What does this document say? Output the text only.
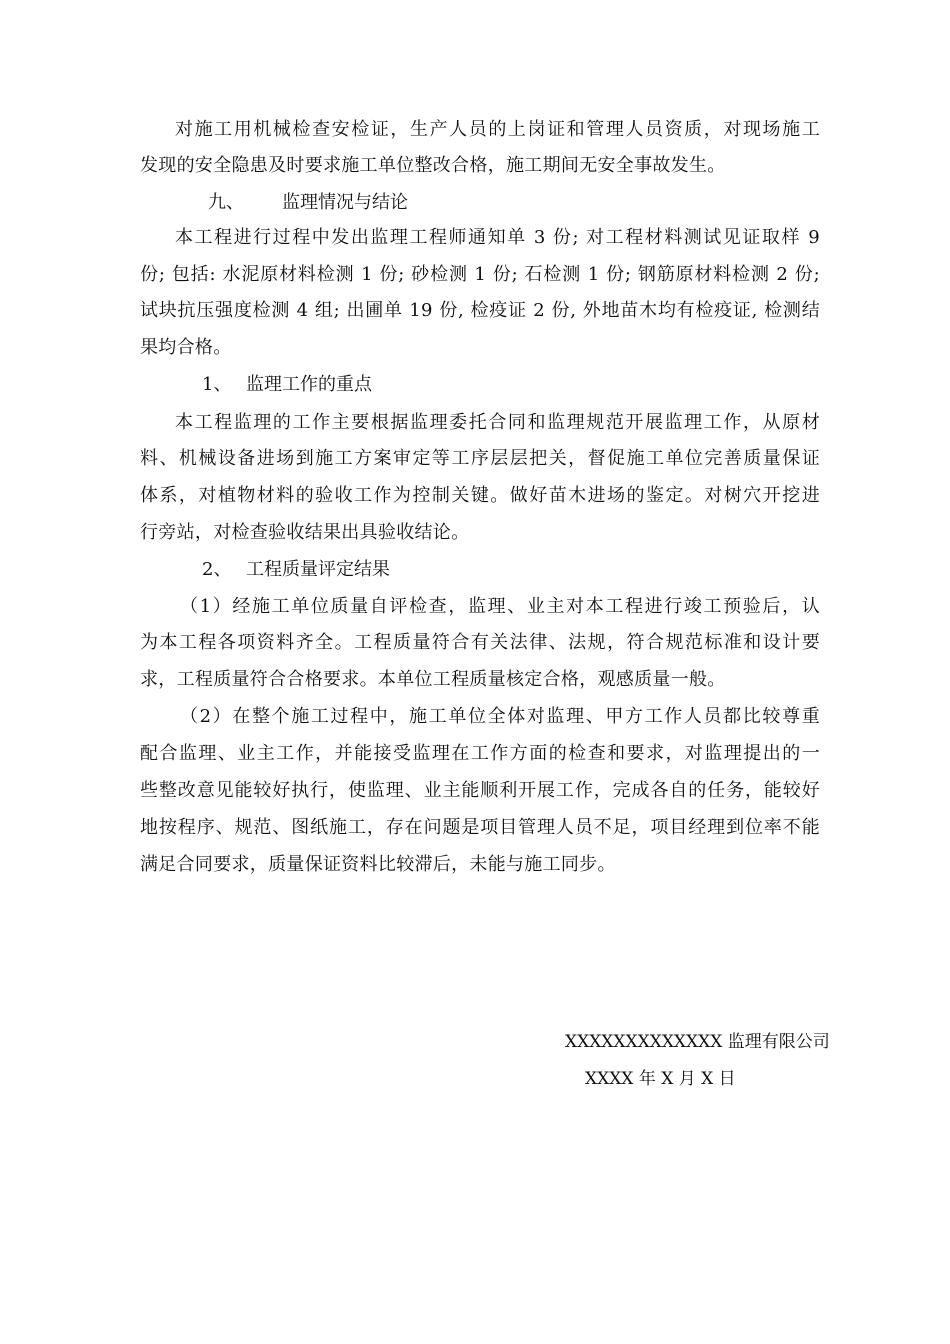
对施工用机械检查安检证，生产人员的上岗证和管理人员资质，对现场施工
发现的安全隐患及时要求施工单位整改合格，施工期间无安全事故发生。
九、 监理情况与结论
本工程进行过程中发出监理工程师通知单 3 份; 对工程材料测试见证取样 9
份; 包括: 水泥原材料检测 1 份; 砂检测 1 份; 石检测 1 份; 钢筋原材料检测 2 份;
试块抗压强度检测 4 组; 出圃单 19 份, 检疫证 2 份, 外地苗木均有检疫证, 检测结
果均合格。
1、 监理工作的重点
本工程监理的工作主要根据监理委托合同和监理规范开展监理工作，从原材
料、机械设备进场到施工方案审定等工序层层把关，督促施工单位完善质量保证
体系，对植物材料的验收工作为控制关键。做好苗木进场的鉴定。对树穴开挖进
行旁站，对检查验收结果出具验收结论。
2、 工程质量评定结果
（1）经施工单位质量自评检查，监理、业主对本工程进行竣工预验后，认
为本工程各项资料齐全。工程质量符合有关法律、法规，符合规范标准和设计要
求，工程质量符合合格要求。本单位工程质量核定合格，观感质量一般。
（2）在整个施工过程中，施工单位全体对监理、甲方工作人员都比较尊重
配合监理、业主工作，并能接受监理在工作方面的检查和要求，对监理提出的一
些整改意见能较好执行，使监理、业主能顺利开展工作，完成各自的任务，能较好
地按程序、规范、图纸施工，存在问题是项目管理人员不足，项目经理到位率不能
满足合同要求，质量保证资料比较滞后，未能与施工同步。
XXXXXXXXXXXXX 监理有限公司
XXXX 年 X 月 X 日
